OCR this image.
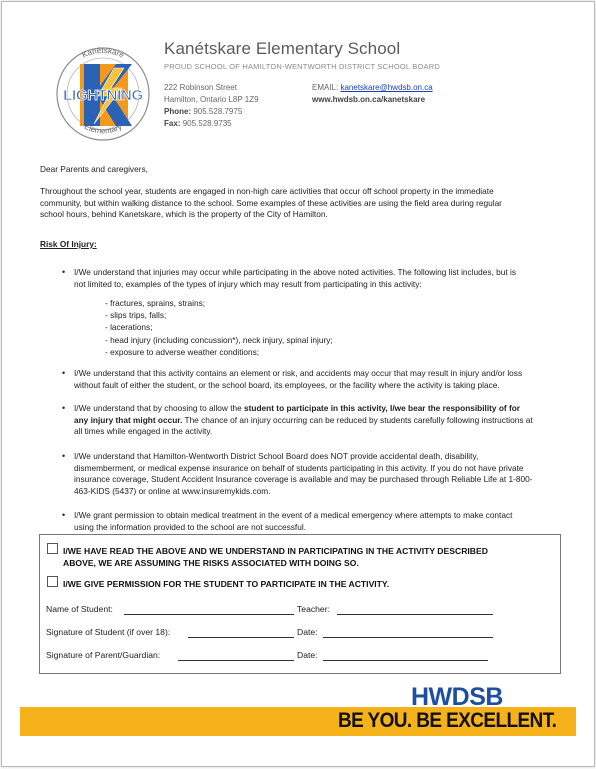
LIGHTNING
Kanétskare
Elementary
Kanétskare Elementary School
PROUD SCHOOL OF HAMILTON-WENTWORTH DISTRICT SCHOOL BOARD
222 Robinson Street
Hamilton, Ontario L8P 1Z9
Phone: 905.528.7975
Fax: 905.528.9735
EMAIL: kanetskare@hwdsb.on.ca
www.hwdsb.on.ca/kanetskare
Dear Parents and caregivers,
Throughout the school year, students are engaged in non-high care activities that occur off school property in the immediate
community, but within walking distance to the school. Some examples of these activities are using the field area during regular
school hours, behind Kanetskare, which is the property of the City of Hamilton.
Risk Of Injury:
• I/We understand that injuries may occur while participating in the above noted activities. The following list includes, but is
not limited to, examples of the types of injury which may result from participating in this activity:
- fractures, sprains, strains;
- slips trips, falls;
- lacerations;
- head injury (including concussion*), neck injury, spinal injury;
- exposure to adverse weather conditions;
• I/We understand that this activity contains an element or risk, and accidents may occur that may result in injury and/or loss
without fault of either the student, or the school board, its employees, or the facility where the activity is taking place.
• I/We understand that by choosing to allow the student to participate in this activity, I/we bear the responsibility of for
any injury that might occur. The chance of an injury occurring can be reduced by students carefully following instructions at
all times while engaged in the activity.
• I/We understand that Hamilton-Wentworth District School Board does NOT provide accidental death, disability,
dismemberment, or medical expense insurance on behalf of students participating in this activity. If you do not have private
insurance coverage, Student Accident Insurance coverage is available and may be purchased through Reliable Life at 1-800-
463-KIDS (5437) or online at www.insuremykids.com.
• I/We grant permission to obtain medical treatment in the event of a medical emergency where attempts to make contact
using the information provided to the school are not successful.
I/WE HAVE READ THE ABOVE AND WE UNDERSTAND IN PARTICIPATING IN THE ACTIVITY DESCRIBED
ABOVE, WE ARE ASSUMING THE RISKS ASSOCIATED WITH DOING SO.
I/WE GIVE PERMISSION FOR THE STUDENT TO PARTICIPATE IN THE ACTIVITY.
Name of Student:	Teacher:
Signature of Student (if over 18):	Date:
Signature of Parent/Guardian:	Date:
HWDSB
BE YOU. BE EXCELLENT.
